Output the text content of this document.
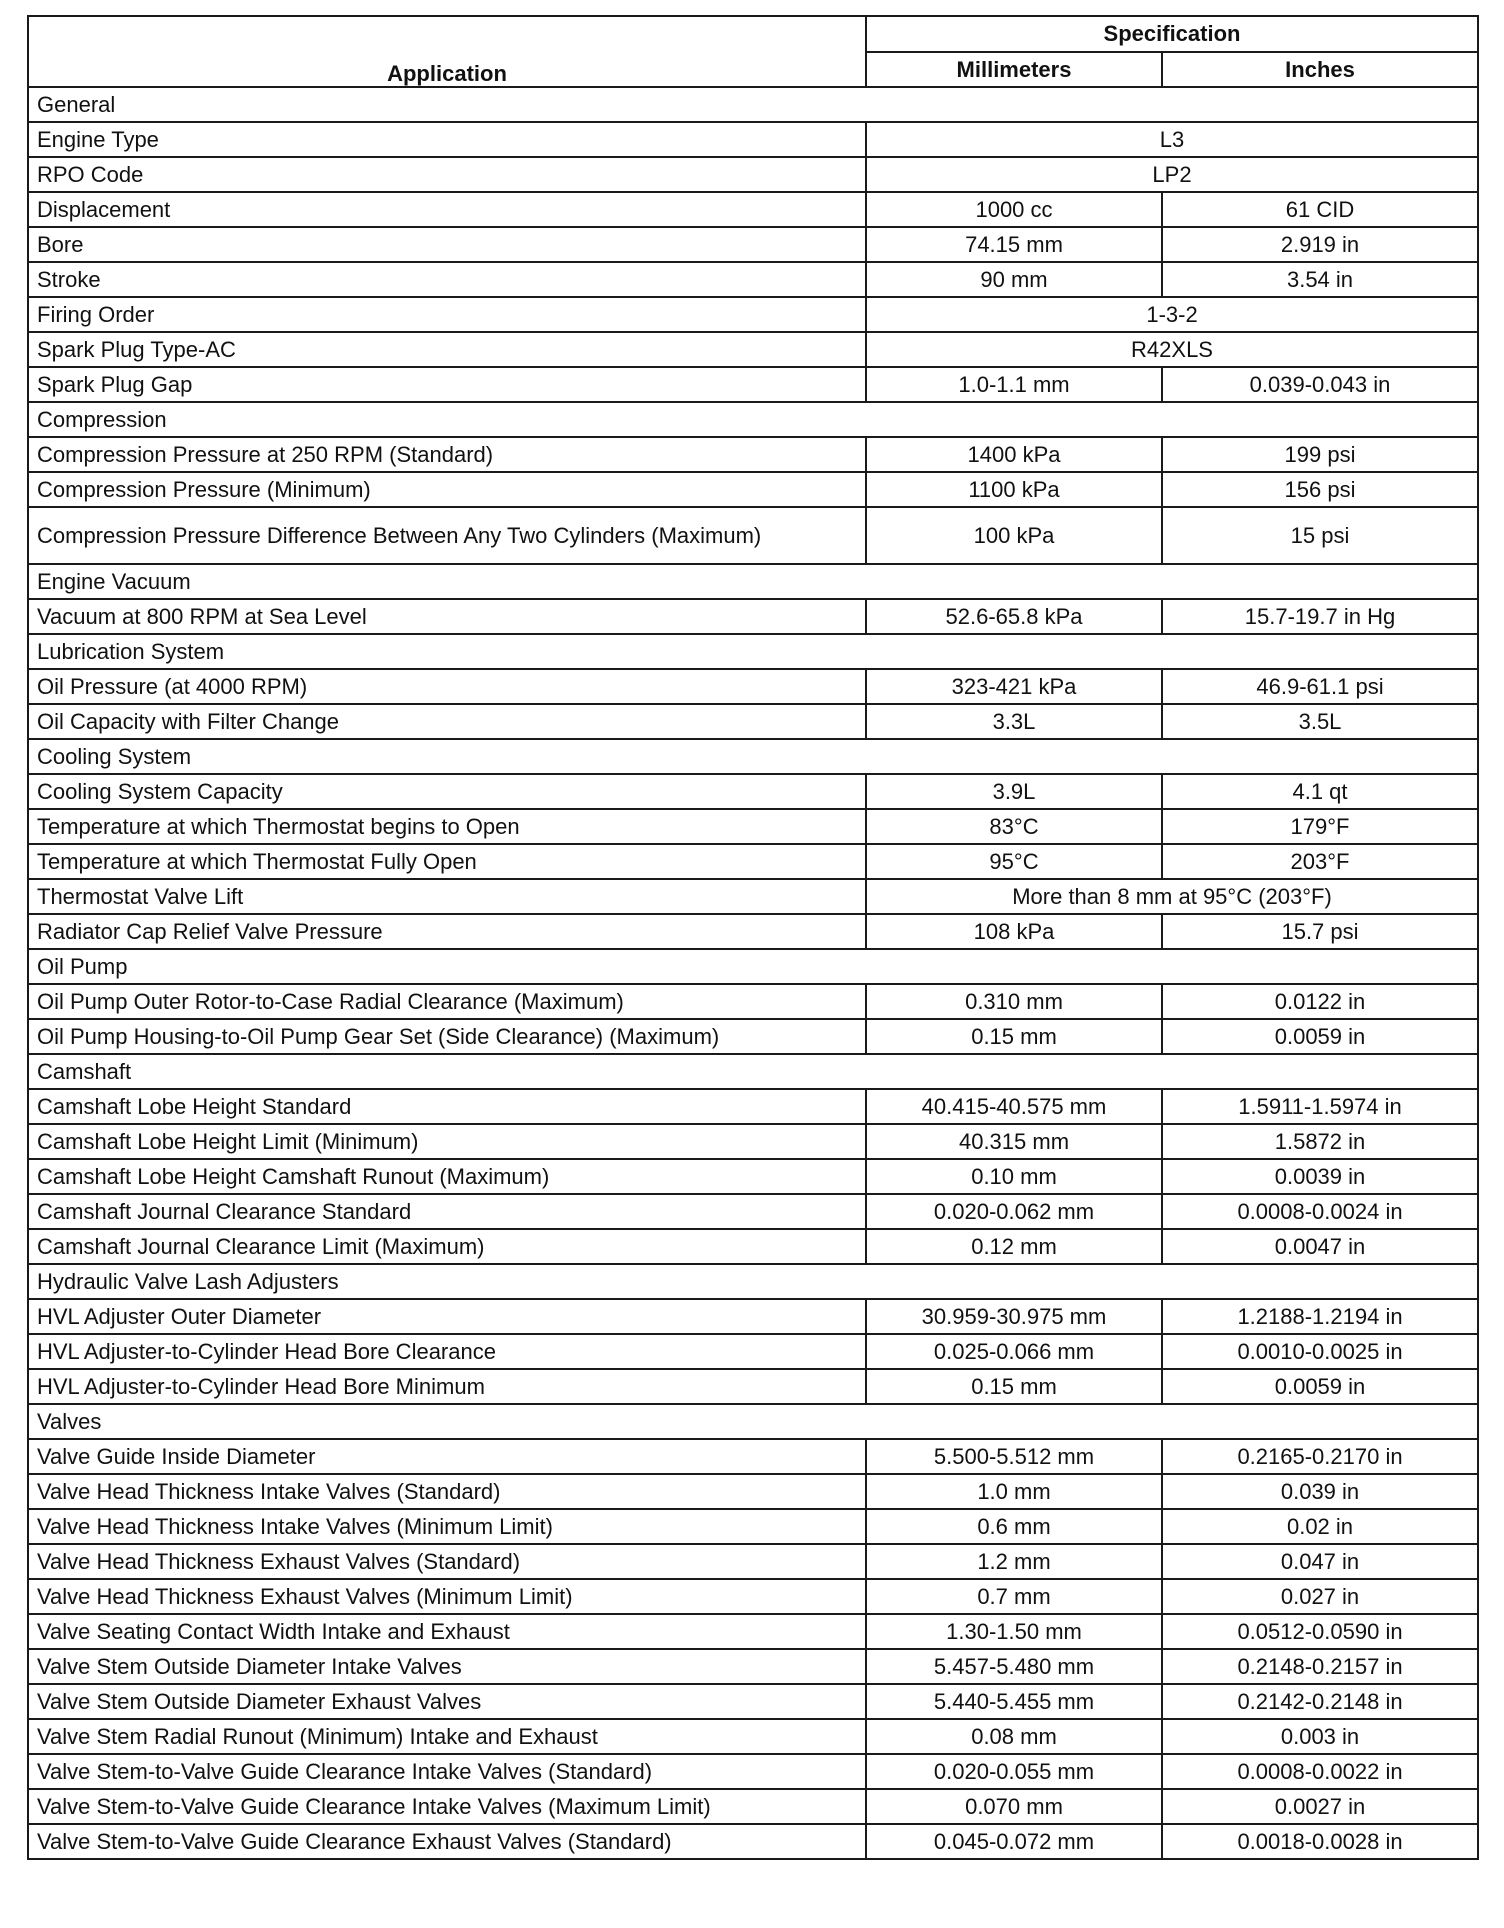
Application	Specification	
	Millimeters	Inches
General		
Engine Type	L3	
RPO Code	LP2	
Displacement	1000 cc	61 CID
Bore	74.15 mm	2.919 in
Stroke	90 mm	3.54 in
Firing Order	1-3-2	
Spark Plug Type-AC	R42XLS	
Spark Plug Gap	1.0-1.1 mm	0.039-0.043 in
Compression		
Compression Pressure at 250 RPM (Standard)	1400 kPa	199 psi
Compression Pressure (Minimum)	1100 kPa	156 psi
Compression Pressure Difference Between Any Two Cylinders (Maximum)	100 kPa	15 psi
Engine Vacuum		
Vacuum at 800 RPM at Sea Level	52.6-65.8 kPa	15.7-19.7 in Hg
Lubrication System		
Oil Pressure (at 4000 RPM)	323-421 kPa	46.9-61.1 psi
Oil Capacity with Filter Change	3.3L	3.5L
Cooling System		
Cooling System Capacity	3.9L	4.1 qt
Temperature at which Thermostat begins to Open	83°C	179°F
Temperature at which Thermostat Fully Open	95°C	203°F
Thermostat Valve Lift	More than 8 mm at 95°C (203°F)	
Radiator Cap Relief Valve Pressure	108 kPa	15.7 psi
Oil Pump		
Oil Pump Outer Rotor-to-Case Radial Clearance (Maximum)	0.310 mm	0.0122 in
Oil Pump Housing-to-Oil Pump Gear Set (Side Clearance) (Maximum)	0.15 mm	0.0059 in
Camshaft		
Camshaft Lobe Height Standard	40.415-40.575 mm	1.5911-1.5974 in
Camshaft Lobe Height Limit (Minimum)	40.315 mm	1.5872 in
Camshaft Lobe Height Camshaft Runout (Maximum)	0.10 mm	0.0039 in
Camshaft Journal Clearance Standard	0.020-0.062 mm	0.0008-0.0024 in
Camshaft Journal Clearance Limit (Maximum)	0.12 mm	0.0047 in
Hydraulic Valve Lash Adjusters		
HVL Adjuster Outer Diameter	30.959-30.975 mm	1.2188-1.2194 in
HVL Adjuster-to-Cylinder Head Bore Clearance	0.025-0.066 mm	0.0010-0.0025 in
HVL Adjuster-to-Cylinder Head Bore Minimum	0.15 mm	0.0059 in
Valves		
Valve Guide Inside Diameter	5.500-5.512 mm	0.2165-0.2170 in
Valve Head Thickness Intake Valves (Standard)	1.0 mm	0.039 in
Valve Head Thickness Intake Valves (Minimum Limit)	0.6 mm	0.02 in
Valve Head Thickness Exhaust Valves (Standard)	1.2 mm	0.047 in
Valve Head Thickness Exhaust Valves (Minimum Limit)	0.7 mm	0.027 in
Valve Seating Contact Width Intake and Exhaust	1.30-1.50 mm	0.0512-0.0590 in
Valve Stem Outside Diameter Intake Valves	5.457-5.480 mm	0.2148-0.2157 in
Valve Stem Outside Diameter Exhaust Valves	5.440-5.455 mm	0.2142-0.2148 in
Valve Stem Radial Runout (Minimum) Intake and Exhaust	0.08 mm	0.003 in
Valve Stem-to-Valve Guide Clearance Intake Valves (Standard)	0.020-0.055 mm	0.0008-0.0022 in
Valve Stem-to-Valve Guide Clearance Intake Valves (Maximum Limit)	0.070 mm	0.0027 in
Valve Stem-to-Valve Guide Clearance Exhaust Valves (Standard)	0.045-0.072 mm	0.0018-0.0028 in
